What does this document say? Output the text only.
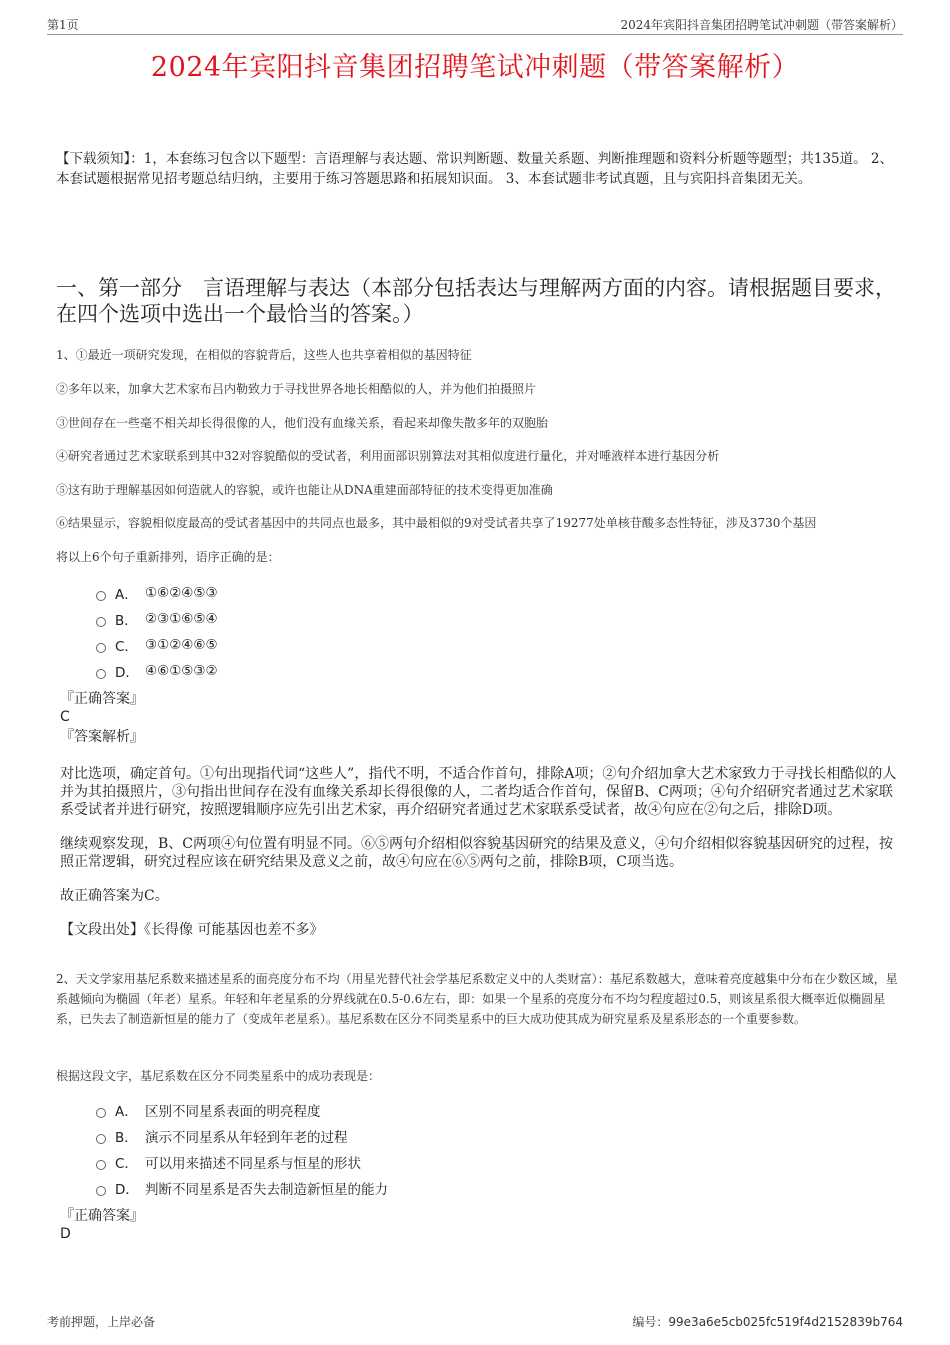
第1页	2024年宾阳抖音集团招聘笔试冲刺题（带答案解析）
2024年宾阳抖音集团招聘笔试冲刺题（带答案解析）
【下载须知】：1，本套练习包含以下题型：言语理解与表达题、常识判断题、数量关系题、判断推理题和资料分析题等题型；共135道。 2、本套试题根据常见招考题总结归纳，主要用于练习答题思路和拓展知识面。 3、本套试题非考试真题，且与宾阳抖音集团无关。
一、第一部分　言语理解与表达（本部分包括表达与理解两方面的内容。请根据题目要求，在四个选项中选出一个最恰当的答案。）
1、①最近一项研究发现，在相似的容貌背后，这些人也共享着相似的基因特征
②多年以来，加拿大艺术家布吕内勒致力于寻找世界各地长相酷似的人，并为他们拍摄照片
③世间存在一些毫不相关却长得很像的人，他们没有血缘关系，看起来却像失散多年的双胞胎
④研究者通过艺术家联系到其中32对容貌酷似的受试者，利用面部识别算法对其相似度进行量化，并对唾液样本进行基因分析
⑤这有助于理解基因如何造就人的容貌，或许也能让从DNA重建面部特征的技术变得更加准确
⑥结果显示，容貌相似度最高的受试者基因中的共同点也最多，其中最相似的9对受试者共享了19277处单核苷酸多态性特征，涉及3730个基因
将以上6个句子重新排列，语序正确的是：
A． ①⑥②④⑤③
B． ②③①⑥⑤④
C． ③①②④⑥⑤
D． ④⑥①⑤③②
『正确答案』
C
『答案解析』
对比选项，确定首句。①句出现指代词“这些人”，指代不明，不适合作首句，排除A项；②句介绍加拿大艺术家致力于寻找长相酷似的人并为其拍摄照片，③句指出世间存在没有血缘关系却长得很像的人，二者均适合作首句，保留B、C两项；④句介绍研究者通过艺术家联系受试者并进行研究，按照逻辑顺序应先引出艺术家，再介绍研究者通过艺术家联系受试者，故④句应在②句之后，排除D项。
继续观察发现，B、C两项④句位置有明显不同。⑥⑤两句介绍相似容貌基因研究的结果及意义，④句介绍相似容貌基因研究的过程，按照正常逻辑，研究过程应该在研究结果及意义之前，故④句应在⑥⑤两句之前，排除B项，C项当选。
故正确答案为C。
【文段出处】《长得像 可能基因也差不多》
2、天文学家用基尼系数来描述星系的面亮度分布不均（用星光替代社会学基尼系数定义中的人类财富）：基尼系数越大，意味着亮度越集中分布在少数区域，星系越倾向为椭圆（年老）星系。年轻和年老星系的分界线就在0.5-0.6左右，即：如果一个星系的亮度分布不均匀程度超过0.5，则该星系很大概率近似椭圆星系，已失去了制造新恒星的能力了（变成年老星系）。基尼系数在区分不同类星系中的巨大成功使其成为研究星系及星系形态的一个重要参数。
根据这段文字，基尼系数在区分不同类星系中的成功表现是：
A． 区别不同星系表面的明亮程度
B． 演示不同星系从年轻到年老的过程
C． 可以用来描述不同星系与恒星的形状
D． 判断不同星系是否失去制造新恒星的能力
『正确答案』
D
考前押题，上岸必备	编号：99e3a6e5cb025fc519f4d2152839b764
